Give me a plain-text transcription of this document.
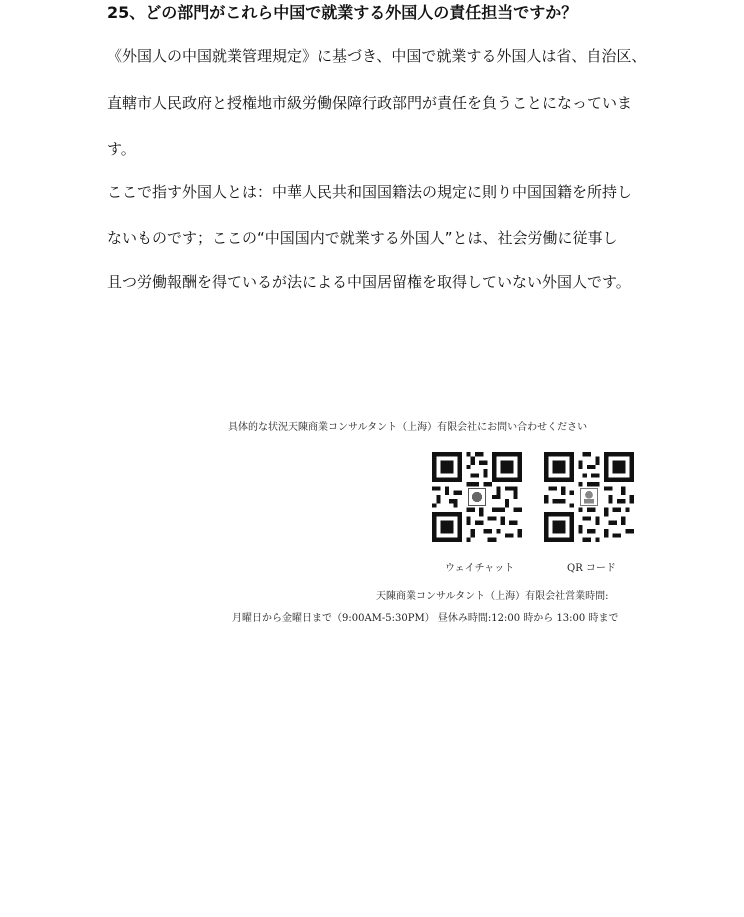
25、どの部門がこれら中国で就業する外国人の責任担当ですか？
《外国人の中国就業管理規定》に基づき、中国で就業する外国人は省、自治区、
直轄市人民政府と授権地市級労働保障行政部門が責任を負うことになっていま
す。
ここで指す外国人とは：中華人民共和国国籍法の規定に則り中国国籍を所持し
ないものです；ここの“中国国内で就業する外国人”とは、社会労働に従事し
且つ労働報酬を得ているが法による中国居留権を取得していない外国人です。
具体的な状況天陳商業コンサルタント（上海）有限会社にお問い合わせください
ウェイチャット	QR コード
天陳商業コンサルタント（上海）有限会社営業時間:
月曜日から金曜日まで（9:00AM-5:30PM） 昼休み時間:12:00 時から 13:00 時まで
